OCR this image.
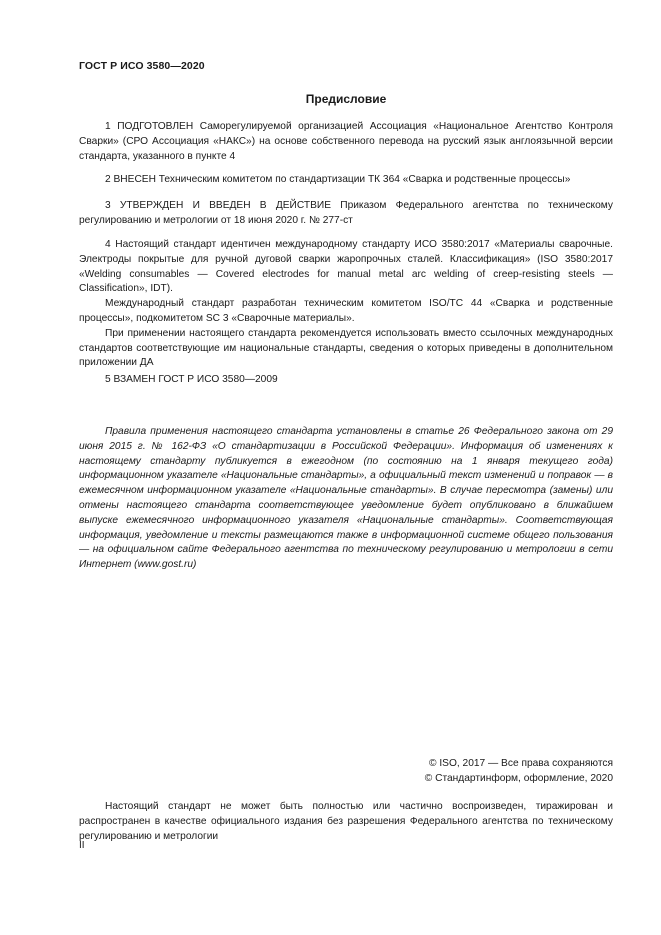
ГОСТ Р ИСО 3580—2020
Предисловие

1 ПОДГОТОВЛЕН Саморегулируемой организацией Ассоциация «Национальное Агентство Контроля Сварки» (СРО Ассоциация «НАКС») на основе собственного перевода на русский язык англоязычной версии стандарта, указанного в пункте 4

2 ВНЕСЕН Техническим комитетом по стандартизации ТК 364 «Сварка и родственные процессы»

3 УТВЕРЖДЕН И ВВЕДЕН В ДЕЙСТВИЕ Приказом Федерального агентства по техническому регулированию и метрологии от 18 июня 2020 г. № 277-ст

4 Настоящий стандарт идентичен международному стандарту ИСО 3580:2017 «Материалы сварочные. Электроды покрытые для ручной дуговой сварки жаропрочных сталей. Классификация» (ISO 3580:2017 «Welding consumables — Covered electrodes for manual metal arc welding of creep-resisting steels — Classification», IDT).

Международный стандарт разработан техническим комитетом ISO/TC 44 «Сварка и родственные процессы», подкомитетом SC 3 «Сварочные материалы».

При применении настоящего стандарта рекомендуется использовать вместо ссылочных международных стандартов соответствующие им национальные стандарты, сведения о которых приведены в дополнительном приложении ДА

5 ВЗАМЕН ГОСТ Р ИСО 3580—2009

Правила применения настоящего стандарта установлены в статье 26 Федерального закона от 29 июня 2015 г. № 162-ФЗ «О стандартизации в Российской Федерации». Информация об изменениях к настоящему стандарту публикуется в ежегодном (по состоянию на 1 января текущего года) информационном указателе «Национальные стандарты», а официальный текст изменений и поправок — в ежемесячном информационном указателе «Национальные стандарты». В случае пересмотра (замены) или отмены настоящего стандарта соответствующее уведомление будет опубликовано в ближайшем выпуске ежемесячного информационного указателя «Национальные стандарты». Соответствующая информация, уведомление и тексты размещаются также в информационной системе общего пользования — на официальном сайте Федерального агентства по техническому регулированию и метрологии в сети Интернет (www.gost.ru)

© ISO, 2017 — Все права сохраняются
© Стандартинформ, оформление, 2020

Настоящий стандарт не может быть полностью или частично воспроизведен, тиражирован и распространен в качестве официального издания без разрешения Федерального агентства по техническому регулированию и метрологии

II
